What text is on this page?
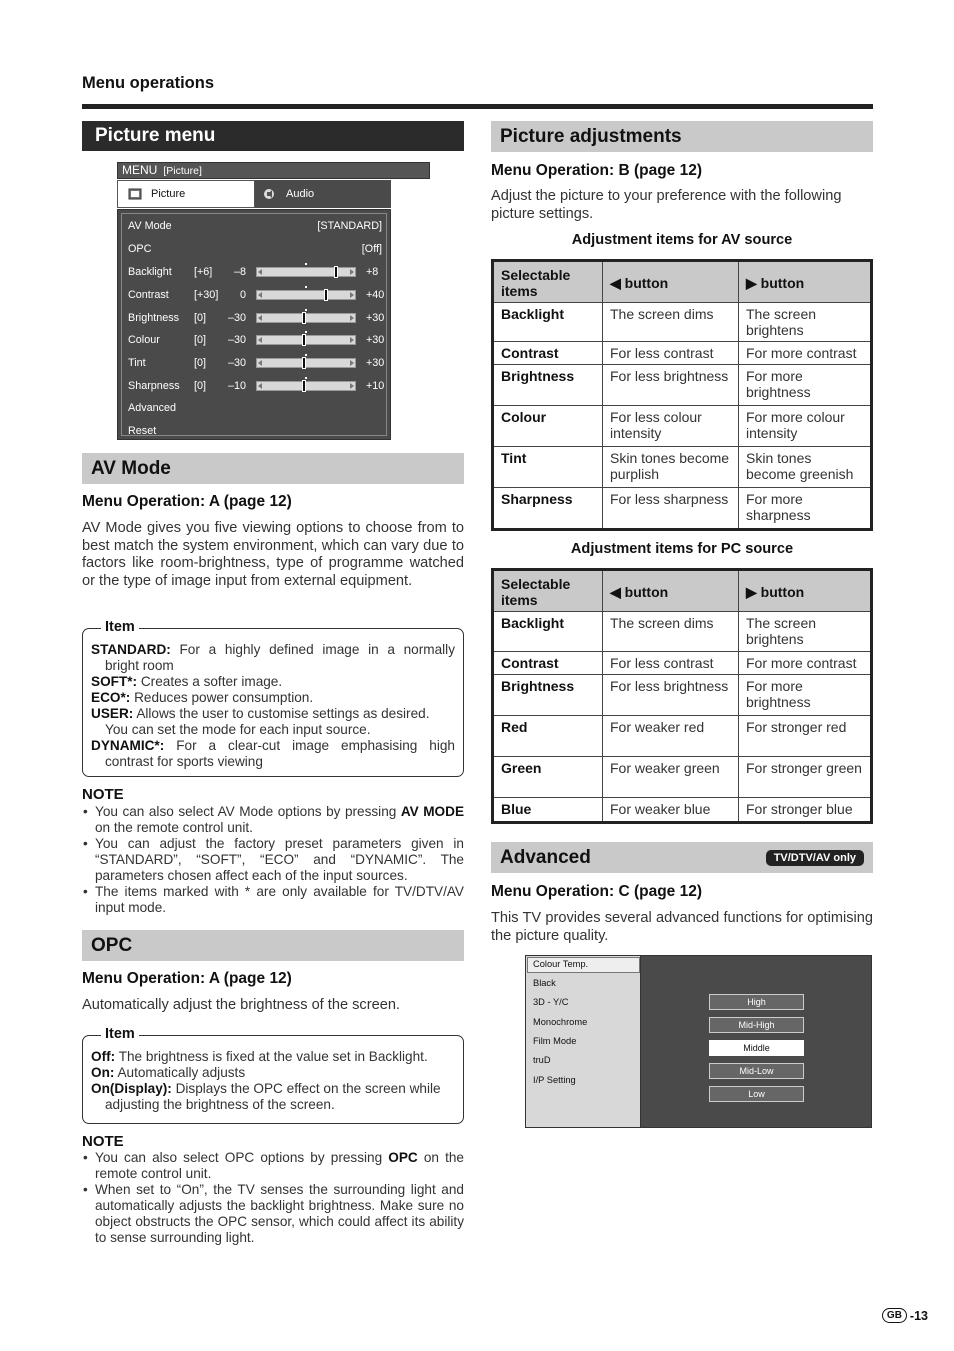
Menu operations
Picture menu
MENU [Picture]
Picture	Audio
AV Mode	[STANDARD]
OPC	[Off]
Backlight [+6]	–8	+8
Contrast [+30]	0	+40
Brightness [0]	–30	+30
Colour	[0]	–30	+30
Tint	[0]	–30	+30
Sharpness [0]	–10	+10
Advanced
Reset
AV Mode
Menu Operation: A (page 12)
AV Mode gives you five viewing options to choose from to best match the system environment, which can vary due to factors like room-brightness, type of programme watched or the type of image input from external equipment.
Item
STANDARD: For a highly defined image in a normally
bright room
SOFT*: Creates a softer image.
ECO*: Reduces power consumption.
USER: Allows the user to customise settings as desired.
You can set the mode for each input source.
DYNAMIC*: For a clear-cut image emphasising high
contrast for sports viewing
NOTE
• You can also select AV Mode options by pressing AV MODE on the remote control unit.
• You can adjust the factory preset parameters given in “STANDARD”, “SOFT”, “ECO” and “DYNAMIC”. The parameters chosen affect each of the input sources.
• The items marked with * are only available for TV/DTV/AV input mode.
OPC
Menu Operation: A (page 12)
Automatically adjust the brightness of the screen.
Item
Off: The brightness is fixed at the value set in Backlight.
On: Automatically adjusts
On(Display): Displays the OPC effect on the screen while
adjusting the brightness of the screen.
NOTE
• You can also select OPC options by pressing OPC on the remote control unit.
• When set to “On”, the TV senses the surrounding light and automatically adjusts the backlight brightness. Make sure no object obstructs the OPC sensor, which could affect its ability to sense surrounding light.
Picture adjustments
Menu Operation: B (page 12)
Adjust the picture to your preference with the following picture settings.
Adjustment items for AV source
Selectable items	◀ button	▶ button
Backlight	The screen dims	The screen brightens
Contrast	For less contrast	For more contrast
Brightness	For less brightness	For more brightness
Colour	For less colour intensity	For more colour intensity
Tint	Skin tones become purplish	Skin tones become greenish
Sharpness	For less sharpness	For more sharpness
Adjustment items for PC source
Selectable items	◀ button	▶ button
Backlight	The screen dims	The screen brightens
Contrast	For less contrast	For more contrast
Brightness	For less brightness	For more brightness
Red	For weaker red	For stronger red
Green	For weaker green	For stronger green
Blue	For weaker blue	For stronger blue
Advanced	TV/DTV/AV only
Menu Operation: C (page 12)
This TV provides several advanced functions for optimising the picture quality.
Colour Temp.
Black
3D - Y/C
Monochrome
Film Mode
truD
I/P Setting
High
Mid-High
Middle
Mid-Low
Low
GB -13
